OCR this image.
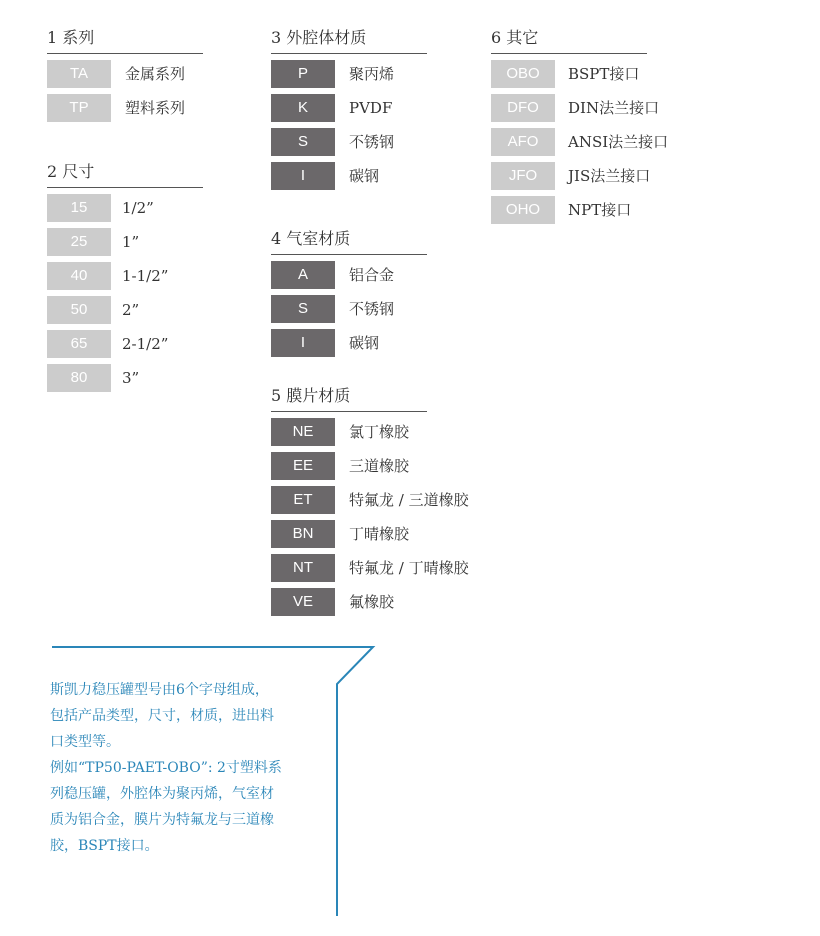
1 系列
TA	金属系列
TP	塑料系列
2 尺寸
15	1/2”
25	1”
40	1-1/2”
50	2”
65	2-1/2”
80	3”
3 外腔体材质
P	聚丙烯
K	PVDF
S	不锈钢
I	碳钢
4 气室材质
A	铝合金
S	不锈钢
I	碳钢
5 膜片材质
NE	氯丁橡胶
EE	三道橡胶
ET	特氟龙 / 三道橡胶
BN	丁晴橡胶
NT	特氟龙 / 丁晴橡胶
VE	氟橡胶
6 其它
OBO	BSPT接口
DFO	DIN法兰接口
AFO	ANSI法兰接口
JFO	JIS法兰接口
OHO	NPT接口

斯凯力稳压罐型号由6个字母组成，

包括产品类型，尺寸，材质，进出料

口类型等。

例如“TP50-PAET-OBO”: 2寸塑料系

列稳压罐，外腔体为聚丙烯，气室材

质为铝合金，膜片为特氟龙与三道橡

胶，BSPT接口。
